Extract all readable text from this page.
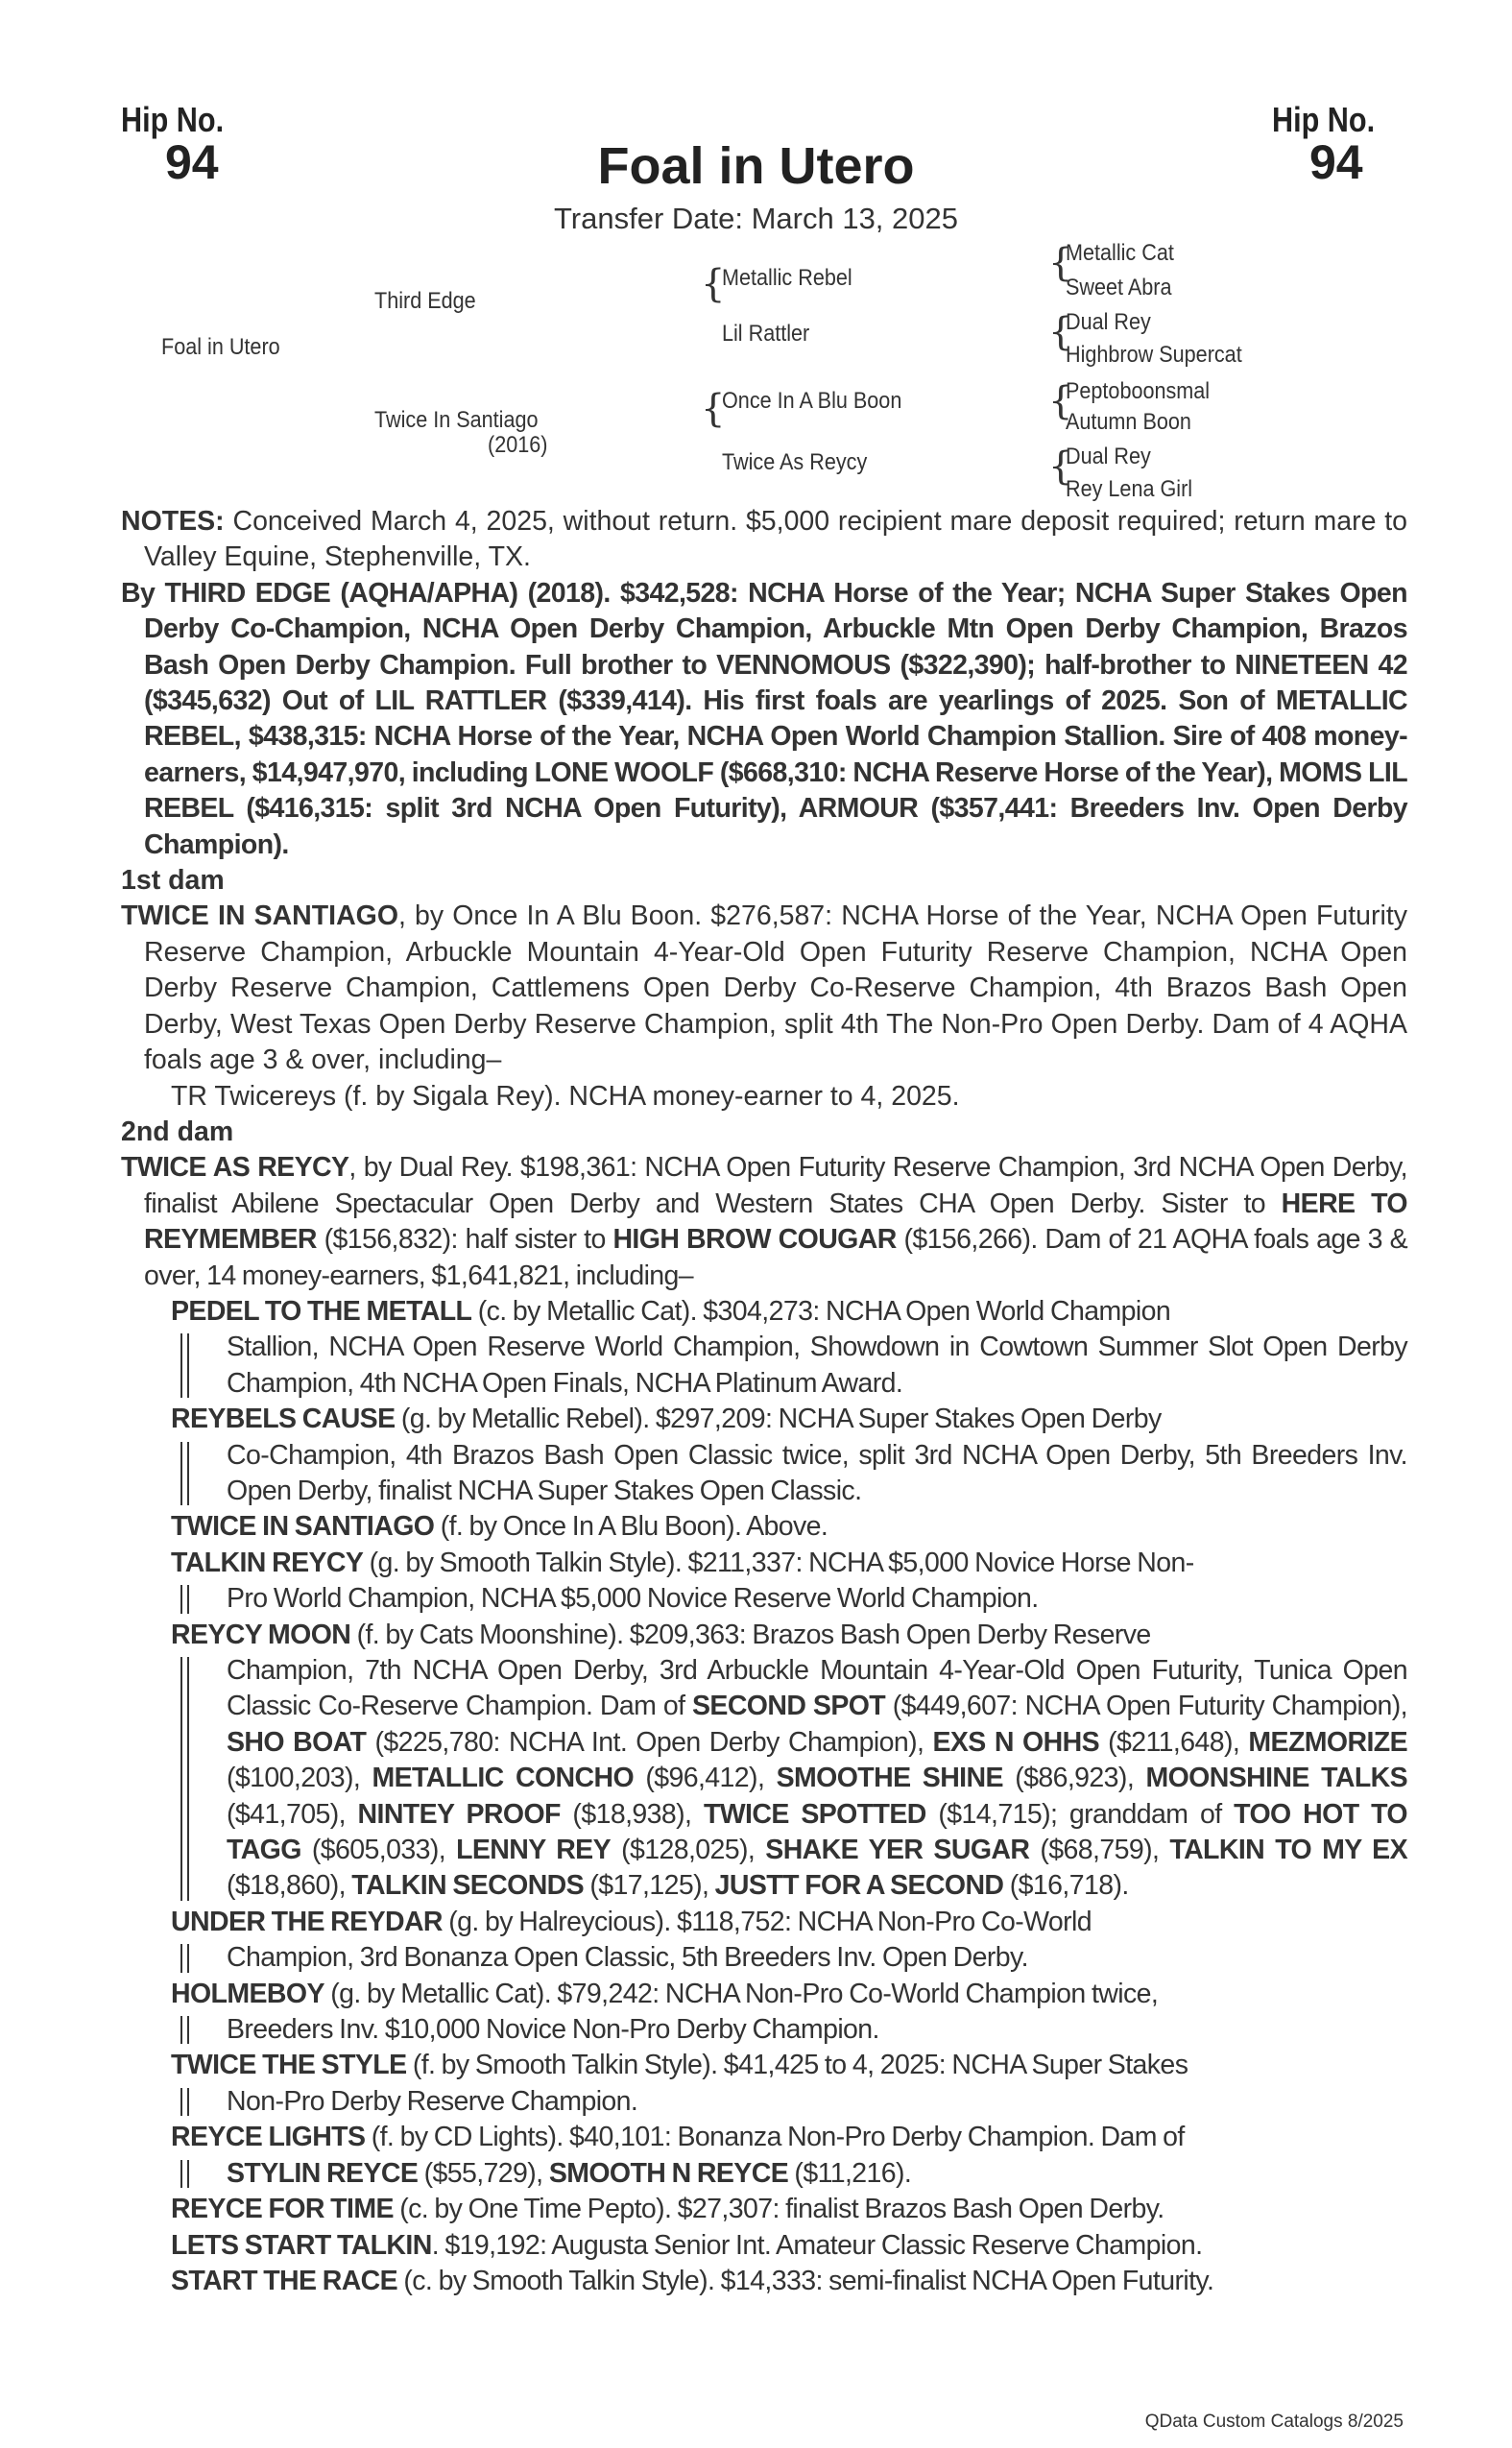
Hip No.
94
Hip No.
94
Foal in Utero
Transfer Date: March 13, 2025
Foal in Utero
Third Edge
Twice In Santiago
(2016)
{
Metallic Rebel
Lil Rattler
{
Once In A Blu Boon
Twice As Reycy
{
Metallic Cat
Sweet Abra
{
Dual Rey
Highbrow Supercat
{
Peptoboonsmal
Autumn Boon
{
Dual Rey
Rey Lena Girl

NOTES: Conceived March 4, 2025, without return. $5,000 recipient mare deposit required; return mare to Valley Equine, Stephenville, TX.

By THIRD EDGE (AQHA/APHA) (2018). $342,528: NCHA Horse of the Year; NCHA Super Stakes Open Derby Co-Champion, NCHA Open Derby Champion, Arbuckle Mtn Open Derby Champion, Brazos Bash Open Derby Champion. Full brother to VENNOMOUS ($322,390); half-brother to NINETEEN 42 ($345,632) Out of LIL RATTLER ($339,414). His first foals are yearlings of 2025. Son of METALLIC REBEL, $438,315: NCHA Horse of the Year, NCHA Open World Champion Stallion. Sire of 408 money-earners, $14,947,970, including LONE WOOLF ($668,310: NCHA Reserve Horse of the Year), MOMS LIL REBEL ($416,315: split 3rd NCHA Open Futurity), ARMOUR ($357,441: Breeders Inv. Open Derby Champion).

1st dam

TWICE IN SANTIAGO, by Once In A Blu Boon. $276,587: NCHA Horse of the Year, NCHA Open Futurity Reserve Champion, Arbuckle Mountain 4-Year-Old Open Futurity Reserve Champion, NCHA Open Derby Reserve Champion, Cattlemens Open Derby Co-Reserve Champion, 4th Brazos Bash Open Derby, West Texas Open Derby Reserve Champion, split 4th The Non-Pro Open Derby. Dam of 4 AQHA foals age 3 & over, including–

TR Twicereys (f. by Sigala Rey). NCHA money-earner to 4, 2025.

2nd dam

TWICE AS REYCY, by Dual Rey. $198,361: NCHA Open Futurity Reserve Champion, 3rd NCHA Open Derby, finalist Abilene Spectacular Open Derby and Western States CHA Open Derby. Sister to HERE TO REYMEMBER ($156,832): half sister to HIGH BROW COUGAR ($156,266). Dam of 21 AQHA foals age 3 & over, 14 money-earners, $1,641,821, including–

PEDEL TO THE METALL (c. by Metallic Cat). $304,273: NCHA Open World Champion

Stallion, NCHA Open Reserve World Champion, Showdown in Cowtown Summer Slot Open Derby Champion, 4th NCHA Open Finals, NCHA Platinum Award.

REYBELS CAUSE (g. by Metallic Rebel). $297,209: NCHA Super Stakes Open Derby

Co-Champion, 4th Brazos Bash Open Classic twice, split 3rd NCHA Open Derby, 5th Breeders Inv. Open Derby, finalist NCHA Super Stakes Open Classic.

TWICE IN SANTIAGO (f. by Once In A Blu Boon). Above.

TALKIN REYCY (g. by Smooth Talkin Style). $211,337: NCHA $5,000 Novice Horse Non-

Pro World Champion, NCHA $5,000 Novice Reserve World Champion.

REYCY MOON (f. by Cats Moonshine). $209,363: Brazos Bash Open Derby Reserve

Champion, 7th NCHA Open Derby, 3rd Arbuckle Mountain 4-Year-Old Open Futurity, Tunica Open Classic Co-Reserve Champion. Dam of SECOND SPOT ($449,607: NCHA Open Futurity Champion), SHO BOAT ($225,780: NCHA Int. Open Derby Champion), EXS N OHHS ($211,648), MEZMORIZE ($100,203), METALLIC CONCHO ($96,412), SMOOTHE SHINE ($86,923), MOONSHINE TALKS ($41,705), NINTEY PROOF ($18,938), TWICE SPOTTED ($14,715); granddam of TOO HOT TO TAGG ($605,033), LENNY REY ($128,025), SHAKE YER SUGAR ($68,759), TALKIN TO MY EX ($18,860), TALKIN SECONDS ($17,125), JUSTT FOR A SECOND ($16,718).

UNDER THE REYDAR (g. by Halreycious). $118,752: NCHA Non-Pro Co-World

Champion, 3rd Bonanza Open Classic, 5th Breeders Inv. Open Derby.

HOLMEBOY (g. by Metallic Cat). $79,242: NCHA Non-Pro Co-World Champion twice,

Breeders Inv. $10,000 Novice Non-Pro Derby Champion.

TWICE THE STYLE (f. by Smooth Talkin Style). $41,425 to 4, 2025: NCHA Super Stakes

Non-Pro Derby Reserve Champion.

REYCE LIGHTS (f. by CD Lights). $40,101: Bonanza Non-Pro Derby Champion. Dam of

STYLIN REYCE ($55,729), SMOOTH N REYCE ($11,216).

REYCE FOR TIME (c. by One Time Pepto). $27,307: finalist Brazos Bash Open Derby.

LETS START TALKIN. $19,192: Augusta Senior Int. Amateur Classic Reserve Champion.

START THE RACE (c. by Smooth Talkin Style). $14,333: semi-finalist NCHA Open Futurity.

QData Custom Catalogs 8/2025
